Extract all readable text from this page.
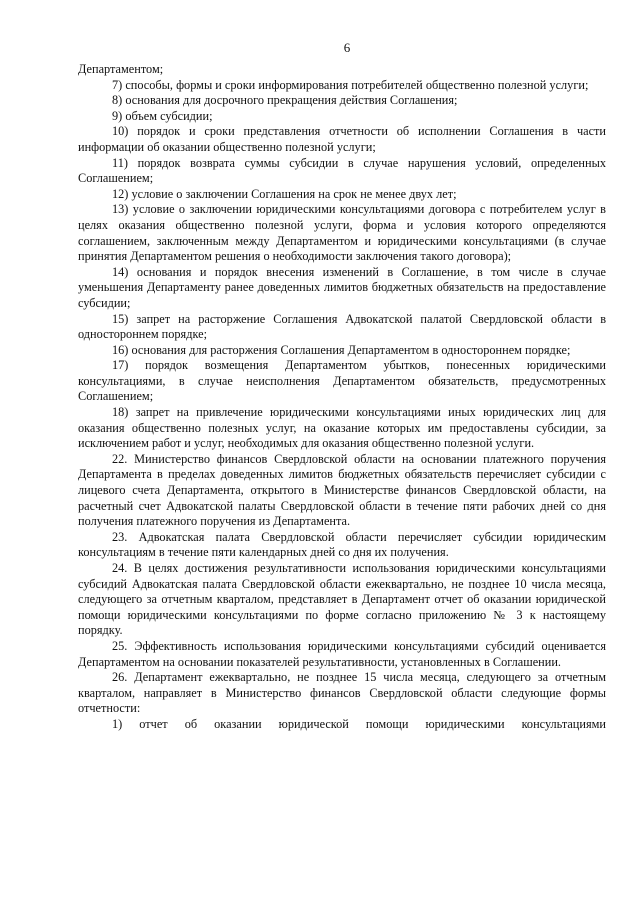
6

Департаментом;

7) способы, формы и сроки информирования потребителей общественно полезной услуги;

8) основания для досрочного прекращения действия Соглашения;

9) объем субсидии;

10) порядок и сроки представления отчетности об исполнении Соглашения в части информации об оказании общественно полезной услуги;

11) порядок возврата суммы субсидии в случае нарушения условий, определенных Соглашением;

12) условие о заключении Соглашения на срок не менее двух лет;

13) условие о заключении юридическими консультациями договора с потребителем услуг в целях оказания общественно полезной услуги, форма и условия которого определяются соглашением, заключенным между Департаментом и юридическими консультациями (в случае принятия Департаментом решения о необходимости заключения такого договора);

14) основания и порядок внесения изменений в Соглашение, в том числе в случае уменьшения Департаменту ранее доведенных лимитов бюджетных обязательств на предоставление субсидии;

15) запрет на расторжение Соглашения Адвокатской палатой Свердловской области в одностороннем порядке;

16) основания для расторжения Соглашения Департаментом в одностороннем порядке;

17) порядок возмещения Департаментом убытков, понесенных юридическими консультациями, в случае неисполнения Департаментом обязательств, предусмотренных Соглашением;

18) запрет на привлечение юридическими консультациями иных юридических лиц для оказания общественно полезных услуг, на оказание которых им предоставлены субсидии, за исключением работ и услуг, необходимых для оказания общественно полезной услуги.

22. Министерство финансов Свердловской области на основании платежного поручения Департамента в пределах доведенных лимитов бюджетных обязательств перечисляет субсидии с лицевого счета Департамента, открытого в Министерстве финансов Свердловской области, на расчетный счет Адвокатской палаты Свердловской области в течение пяти рабочих дней со дня получения платежного поручения из Департамента.

23. Адвокатская палата Свердловской области перечисляет субсидии юридическим консультациям в течение пяти календарных дней со дня их получения.

24. В целях достижения результативности использования юридическими консультациями субсидий Адвокатская палата Свердловской области ежеквартально, не позднее 10 числа месяца, следующего за отчетным кварталом, представляет в Департамент отчет об оказании юридической помощи юридическими консультациями по форме согласно приложению № 3 к настоящему порядку.

25. Эффективность использования юридическими консультациями субсидий оценивается Департаментом на основании показателей результативности, установленных в Соглашении.

26. Департамент ежеквартально, не позднее 15 числа месяца, следующего за отчетным кварталом, направляет в Министерство финансов Свердловской области следующие формы отчетности:

1) отчет об оказании юридической помощи юридическими консультациями
